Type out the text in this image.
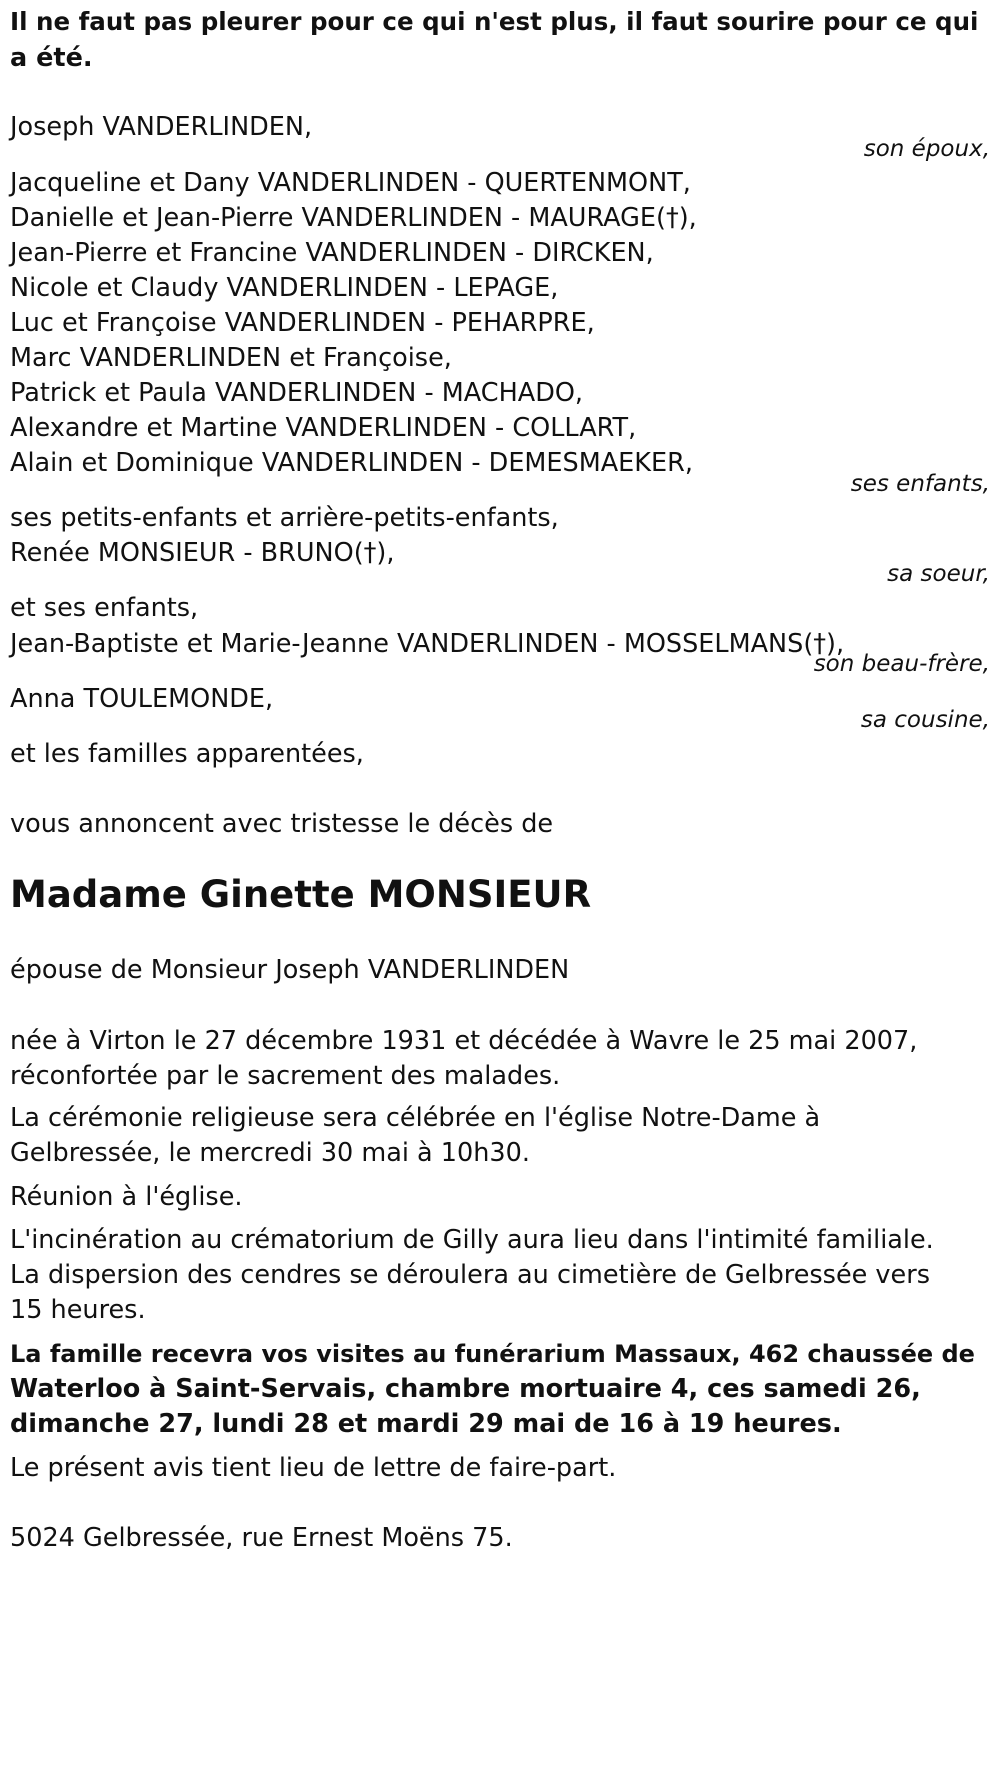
Il ne faut pas pleurer pour ce qui n'est plus, il faut sourire pour ce qui
a été.
Joseph VANDERLINDEN,
son époux,
Jacqueline et Dany VANDERLINDEN - QUERTENMONT,
Danielle et Jean-Pierre VANDERLINDEN - MAURAGE(†),
Jean-Pierre et Francine VANDERLINDEN - DIRCKEN,
Nicole et Claudy VANDERLINDEN - LEPAGE,
Luc et Françoise VANDERLINDEN - PEHARPRE,
Marc VANDERLINDEN et Françoise,
Patrick et Paula VANDERLINDEN - MACHADO,
Alexandre et Martine VANDERLINDEN - COLLART,
Alain et Dominique VANDERLINDEN - DEMESMAEKER,
ses enfants,
ses petits-enfants et arrière-petits-enfants,
Renée MONSIEUR - BRUNO(†),
sa soeur,
et ses enfants,
Jean-Baptiste et Marie-Jeanne VANDERLINDEN - MOSSELMANS(†),
son beau-frère,
Anna TOULEMONDE,
sa cousine,
et les familles apparentées,
vous annoncent avec tristesse le décès de
Madame Ginette MONSIEUR
épouse de Monsieur Joseph VANDERLINDEN
née à Virton le 27 décembre 1931 et décédée à Wavre le 25 mai 2007,
réconfortée par le sacrement des malades.
La cérémonie religieuse sera célébrée en l'église Notre-Dame à
Gelbressée, le mercredi 30 mai à 10h30.
Réunion à l'église.
L'incinération au crématorium de Gilly aura lieu dans l'intimité familiale.
La dispersion des cendres se déroulera au cimetière de Gelbressée vers
15 heures.
La famille recevra vos visites au funérarium Massaux, 462 chaussée de
Waterloo à Saint-Servais, chambre mortuaire 4, ces samedi 26,
dimanche 27, lundi 28 et mardi 29 mai de 16 à 19 heures.
Le présent avis tient lieu de lettre de faire-part.
5024 Gelbressée, rue Ernest Moëns 75.
